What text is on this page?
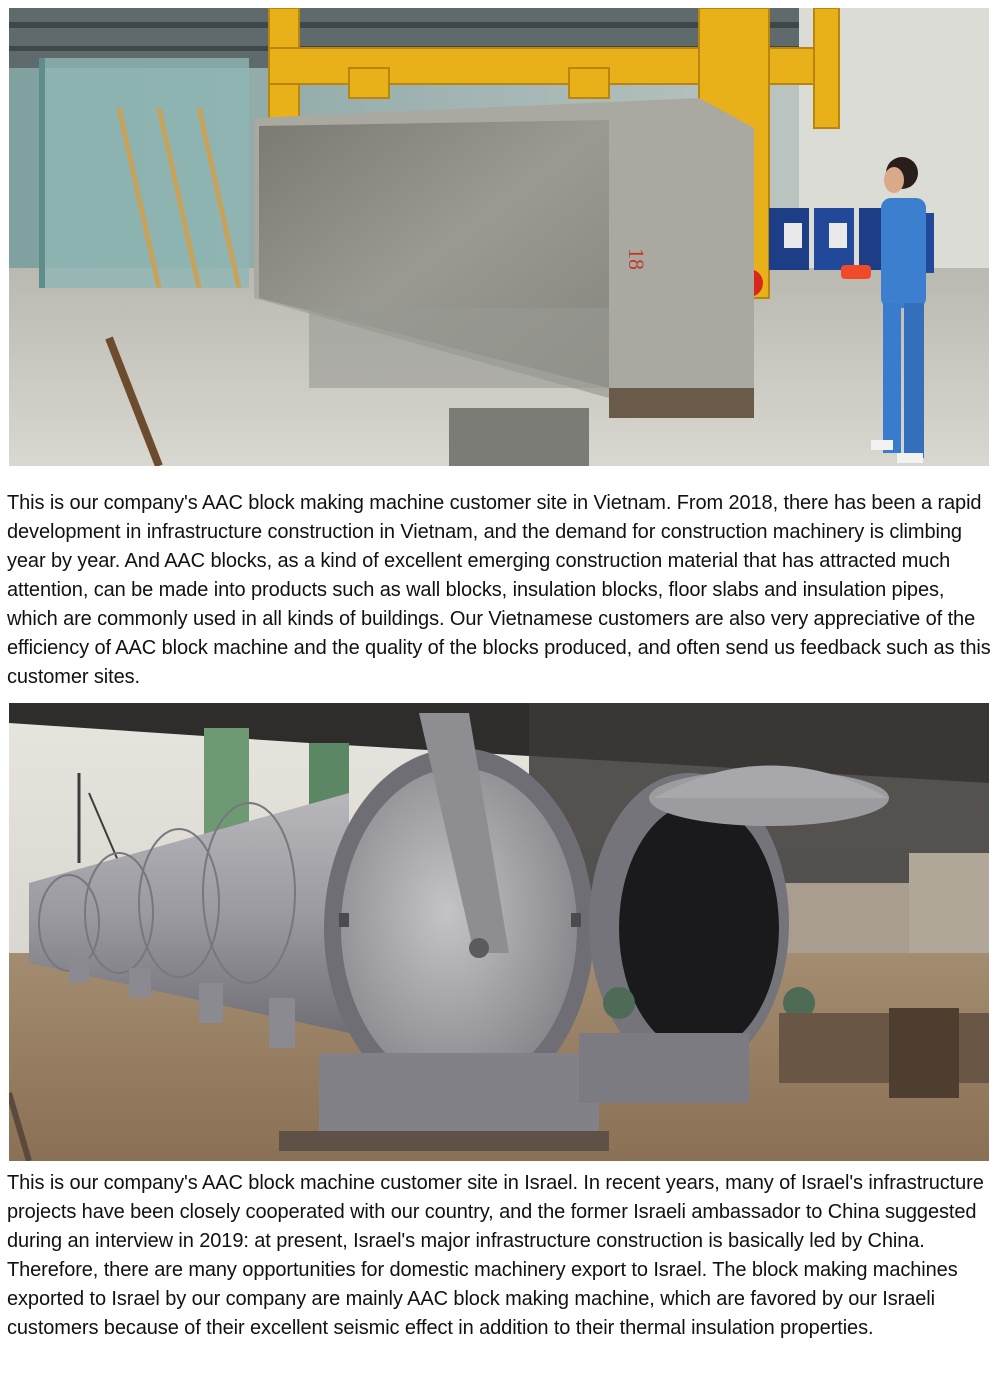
18

This is our company's AAC block making machine customer site in Vietnam. From 2018, there has been a rapid development in infrastructure construction in Vietnam, and the demand for construction machinery is climbing year by year. And AAC blocks, as a kind of excellent emerging construction material that has attracted much attention, can be made into products such as wall blocks, insulation blocks, floor slabs and insulation pipes, which are commonly used in all kinds of buildings. Our Vietnamese customers are also very appreciative of the efficiency of AAC block machine and the quality of the blocks produced, and often send us feedback such as this customer sites.

This is our company's AAC block machine customer site in Israel. In recent years, many of Israel's infrastructure projects have been closely cooperated with our country, and the former Israeli ambassador to China suggested during an interview in 2019: at present, Israel's major infrastructure construction is basically led by China. Therefore, there are many opportunities for domestic machinery export to Israel. The block making machines exported to Israel by our company are mainly AAC block making machine, which are favored by our Israeli customers because of their excellent seismic effect in addition to their thermal insulation properties.
